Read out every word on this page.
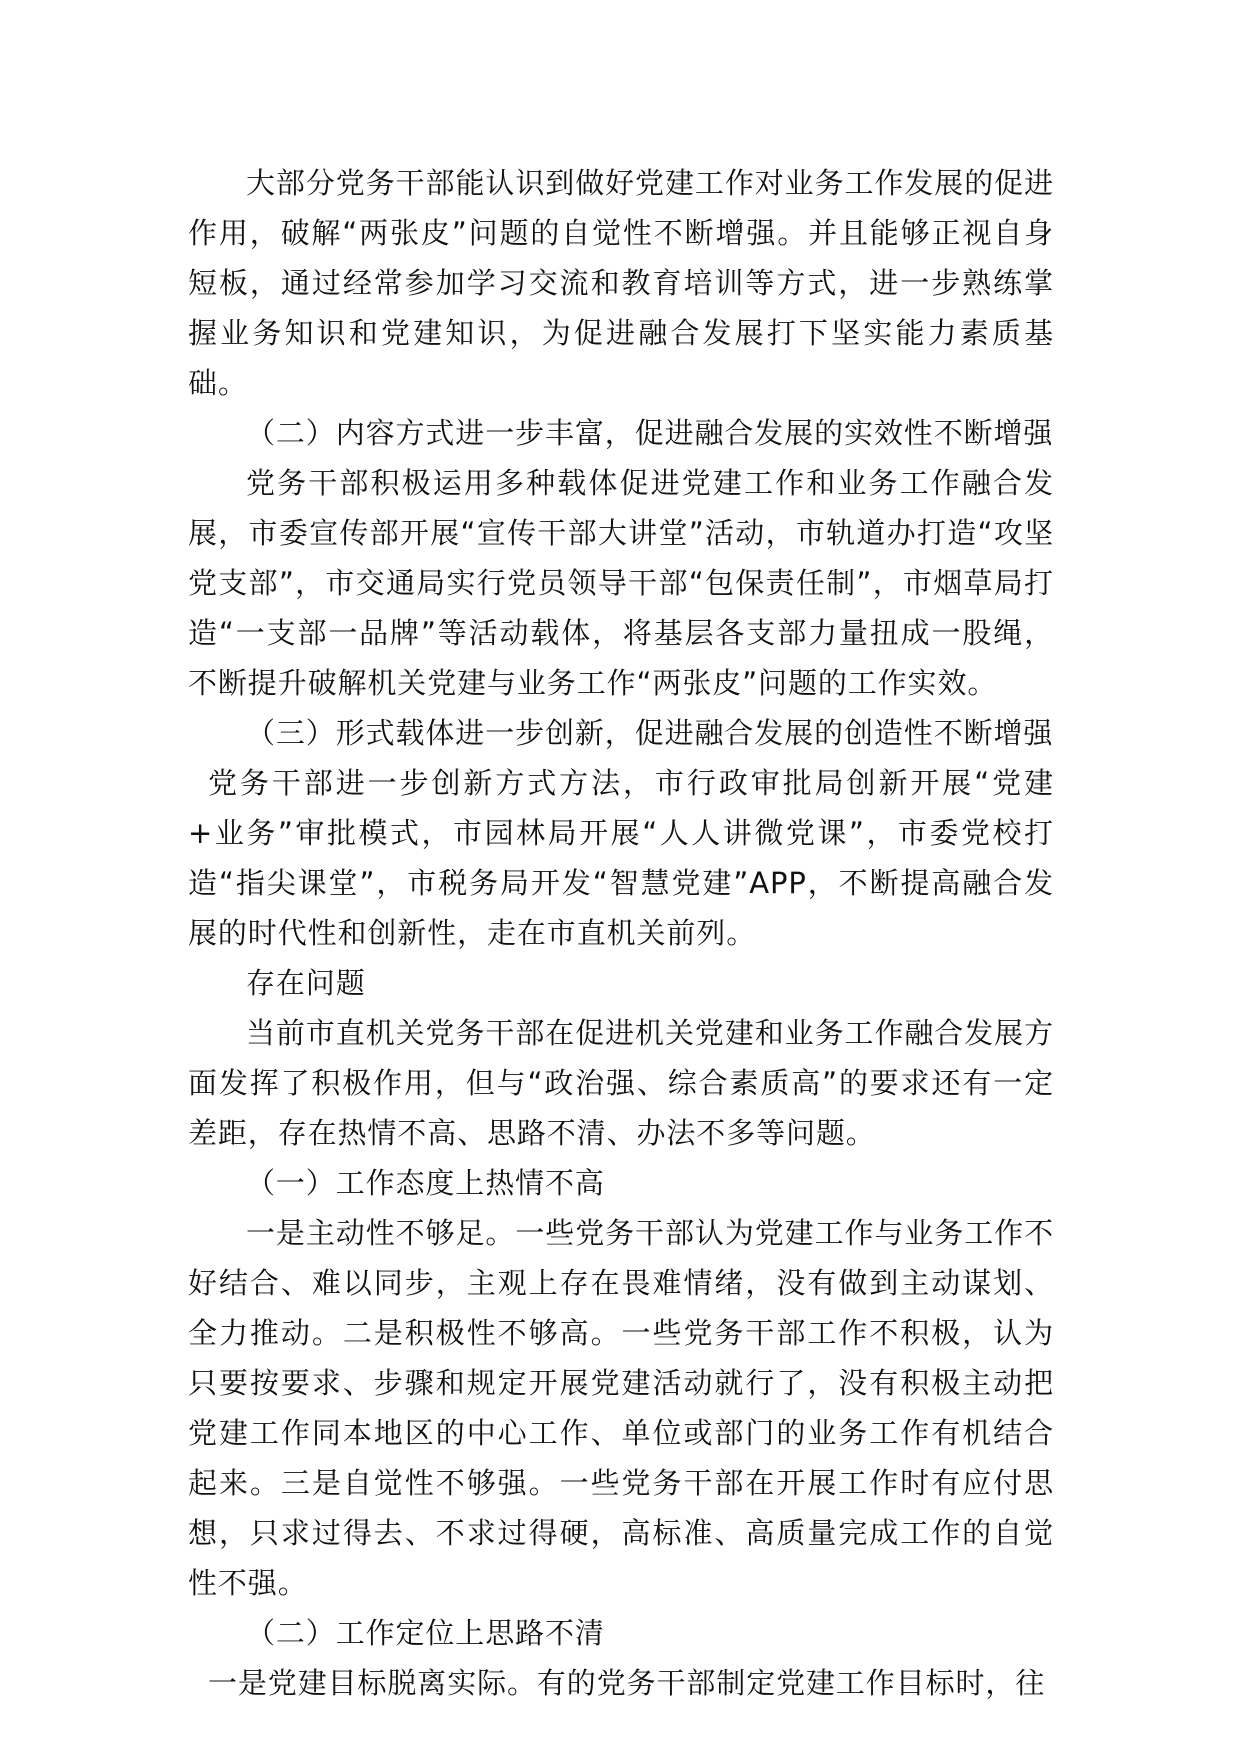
大部分党务干部能认识到做好党建工作对业务工作发展的促进作用，破解“两张皮”问题的自觉性不断增强。并且能够正视自身短板，通过经常参加学习交流和教育培训等方式，进一步熟练掌握业务知识和党建知识，为促进融合发展打下坚实能力素质基础。

（二）内容方式进一步丰富，促进融合发展的实效性不断增强

党务干部积极运用多种载体促进党建工作和业务工作融合发展，市委宣传部开展“宣传干部大讲堂”活动，市轨道办打造“攻坚党支部”，市交通局实行党员领导干部“包保责任制”，市烟草局打造“一支部一品牌”等活动载体，将基层各支部力量扭成一股绳，不断提升破解机关党建与业务工作“两张皮”问题的工作实效。

（三）形式载体进一步创新，促进融合发展的创造性不断增强

党务干部进一步创新方式方法，市行政审批局创新开展“党建+业务”审批模式，市园林局开展“人人讲微党课”，市委党校打造“指尖课堂”，市税务局开发“智慧党建”APP，不断提高融合发展的时代性和创新性，走在市直机关前列。

存在问题

当前市直机关党务干部在促进机关党建和业务工作融合发展方面发挥了积极作用，但与“政治强、综合素质高”的要求还有一定差距，存在热情不高、思路不清、办法不多等问题。

（一）工作态度上热情不高

一是主动性不够足。一些党务干部认为党建工作与业务工作不好结合、难以同步，主观上存在畏难情绪，没有做到主动谋划、全力推动。二是积极性不够高。一些党务干部工作不积极，认为只要按要求、步骤和规定开展党建活动就行了，没有积极主动把党建工作同本地区的中心工作、单位或部门的业务工作有机结合起来。三是自觉性不够强。一些党务干部在开展工作时有应付思想，只求过得去、不求过得硬，高标准、高质量完成工作的自觉性不强。

（二）工作定位上思路不清

一是党建目标脱离实际。有的党务干部制定党建工作目标时，往
